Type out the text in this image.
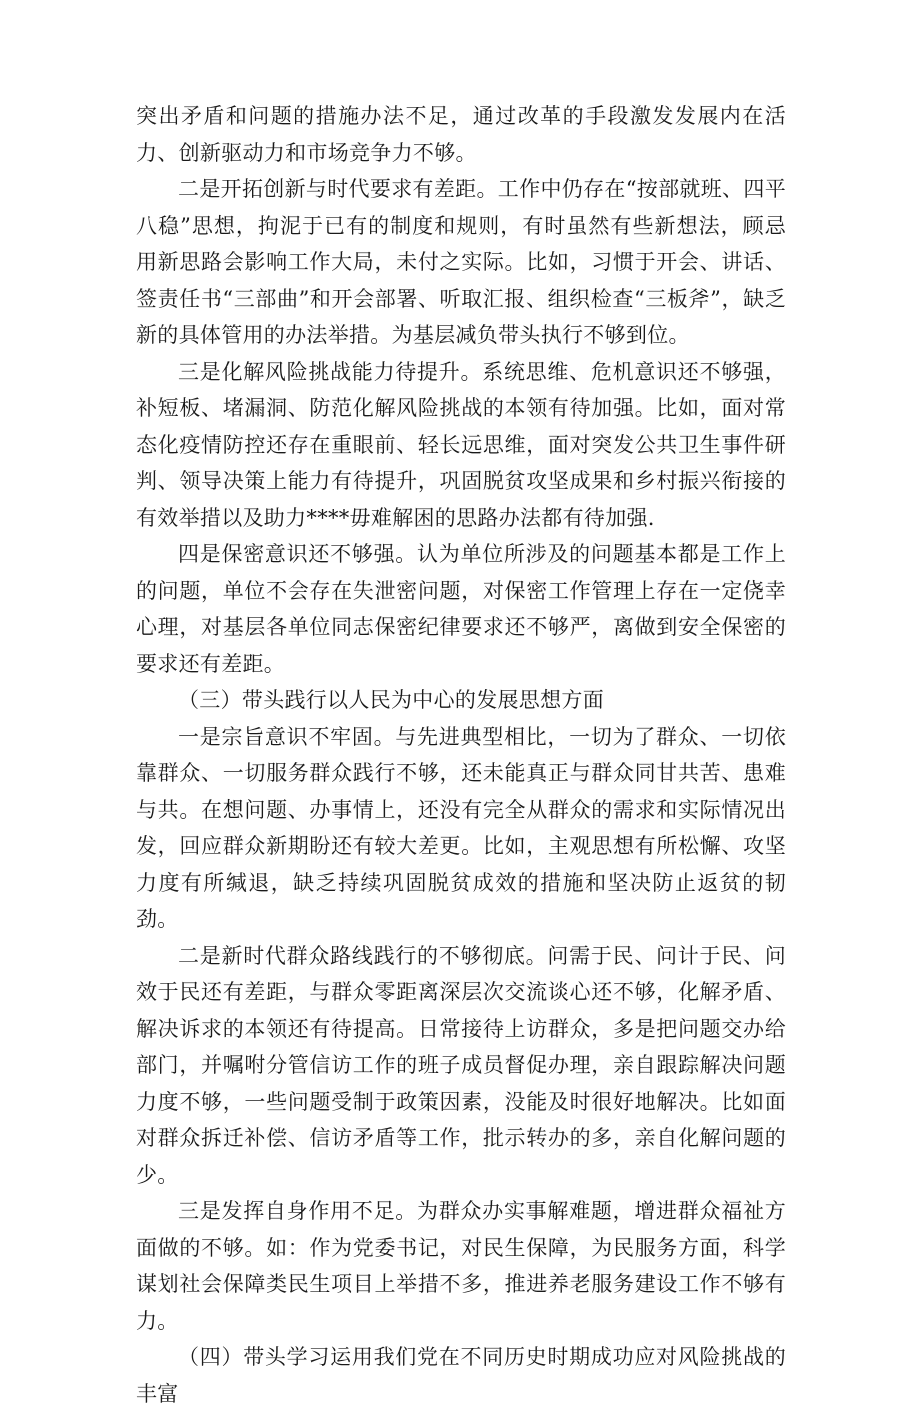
突出矛盾和问题的措施办法不足，通过改革的手段激发发展内在活力、创新驱动力和市场竞争力不够。

二是开拓创新与时代要求有差距。工作中仍存在“按部就班、四平八稳”思想，拘泥于已有的制度和规则，有时虽然有些新想法，顾忌用新思路会影响工作大局，未付之实际。比如，习惯于开会、讲话、签责任书“三部曲”和开会部署、听取汇报、组织检查“三板斧”，缺乏新的具体管用的办法举措。为基层减负带头执行不够到位。

三是化解风险挑战能力待提升。系统思维、危机意识还不够强，补短板、堵漏洞、防范化解风险挑战的本领有待加强。比如，面对常态化疫情防控还存在重眼前、轻长远思维，面对突发公共卫生事件研判、领导决策上能力有待提升，巩固脱贫攻坚成果和乡村振兴衔接的有效举措以及助力****毋难解困的思路办法都有待加强.

四是保密意识还不够强。认为单位所涉及的问题基本都是工作上的问题，单位不会存在失泄密问题，对保密工作管理上存在一定侥幸心理，对基层各单位同志保密纪律要求还不够严，离做到安全保密的要求还有差距。

（三）带头践行以人民为中心的发展思想方面

一是宗旨意识不牢固。与先进典型相比，一切为了群众、一切依靠群众、一切服务群众践行不够，还未能真正与群众同甘共苦、患难与共。在想问题、办事情上，还没有完全从群众的需求和实际情况出发，回应群众新期盼还有较大差更。比如，主观思想有所松懈、攻坚力度有所缄退，缺乏持续巩固脱贫成效的措施和坚决防止返贫的韧劲。

二是新时代群众路线践行的不够彻底。问需于民、问计于民、问效于民还有差距，与群众零距离深层次交流谈心还不够，化解矛盾、解决诉求的本领还有待提高。日常接待上访群众，多是把问题交办给部门，并嘱咐分管信访工作的班子成员督促办理，亲自跟踪解决问题力度不够，一些问题受制于政策因素，没能及时很好地解决。比如面对群众拆迁补偿、信访矛盾等工作，批示转办的多，亲自化解问题的少。

三是发挥自身作用不足。为群众办实事解难题，增进群众福祉方面做的不够。如：作为党委书记，对民生保障，为民服务方面，科学谋划社会保障类民生项目上举措不多，推进养老服务建设工作不够有力。

（四）带头学习运用我们党在不同历史时期成功应对风险挑战的丰富
